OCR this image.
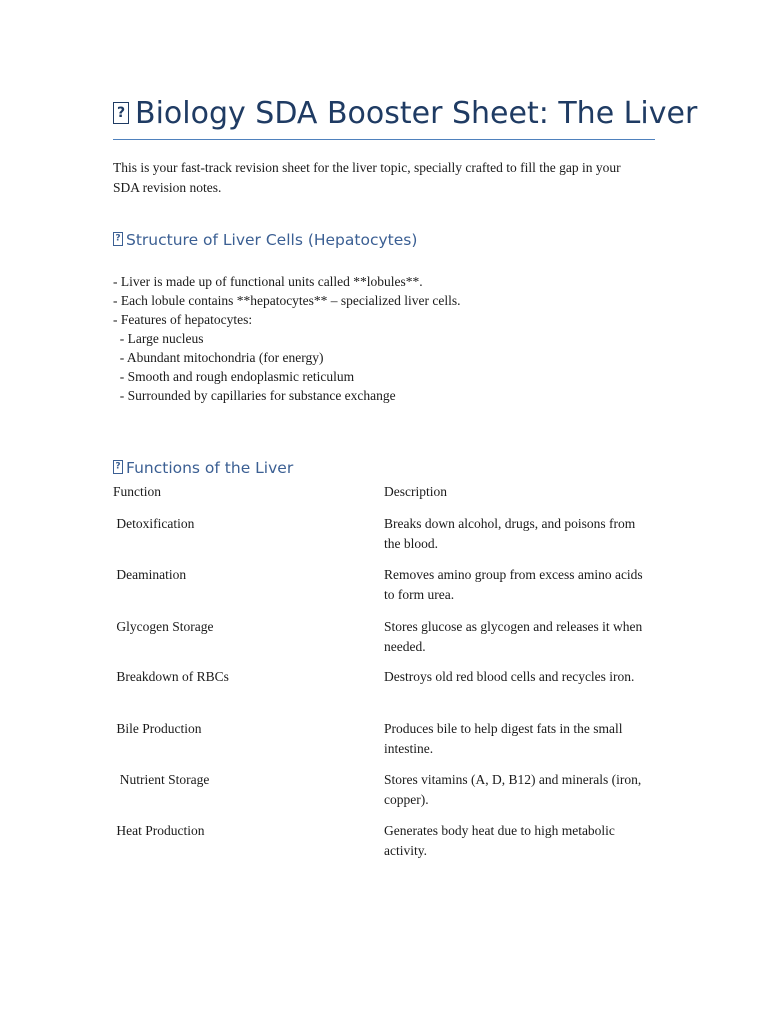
?Biology SDA Booster Sheet: The Liver
This is your fast-track revision sheet for the liver topic, specially crafted to fill the gap in your SDA revision notes.
?Structure of Liver Cells (Hepatocytes)
- Liver is made up of functional units called **lobules**.
- Each lobule contains **hepatocytes** – specialized liver cells.
- Features of hepatocytes:
- Large nucleus
- Abundant mitochondria (for energy)
- Smooth and rough endoplasmic reticulum
- Surrounded by capillaries for substance exchange
?Functions of the Liver
Function	Description
Detoxification	Breaks down alcohol, drugs, and poisons from the blood.
Deamination	Removes amino group from excess amino acids to form urea.
Glycogen Storage	Stores glucose as glycogen and releases it when needed.
Breakdown of RBCs	Destroys old red blood cells and recycles iron.
Bile Production	Produces bile to help digest fats in the small intestine.
Nutrient Storage	Stores vitamins (A, D, B12) and minerals (iron, copper).
Heat Production	Generates body heat due to high metabolic activity.
